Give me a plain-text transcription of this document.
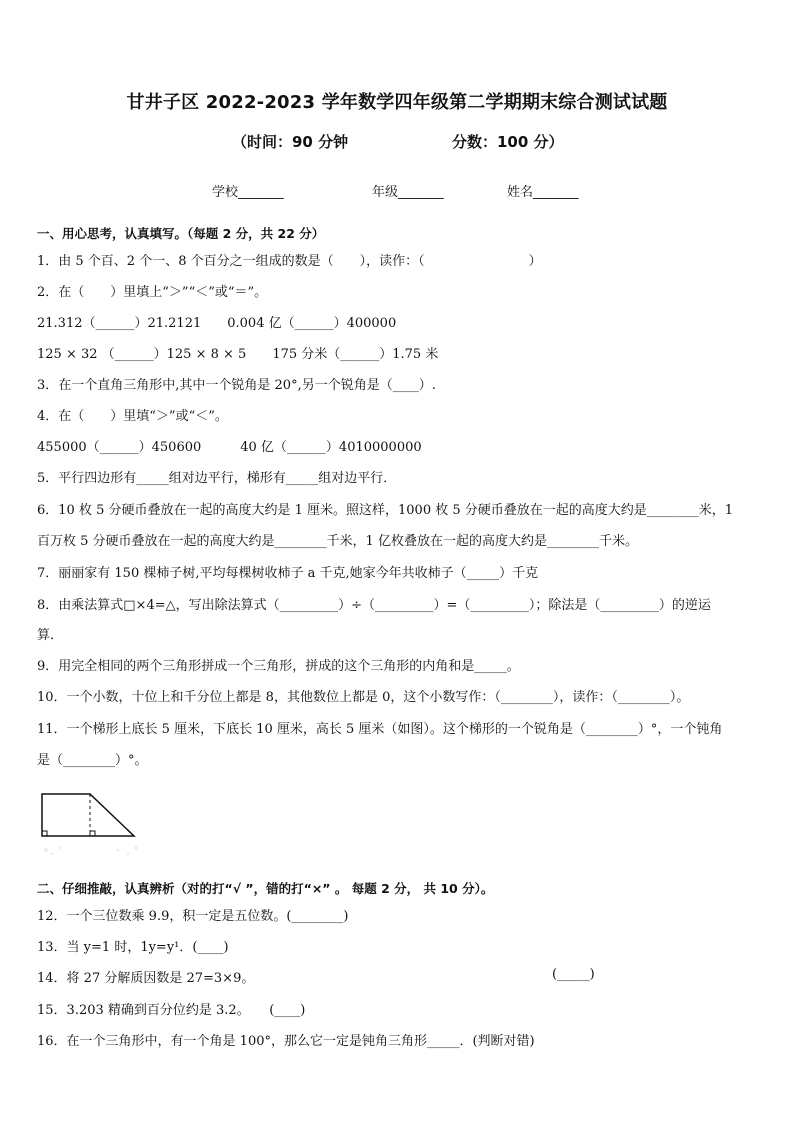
甘井子区 2022-2023 学年数学四年级第二学期期末综合测试试题
（时间：90 分钟	分数：100 分）
学校_______	年级_______	姓名_______
一、用心思考，认真填写。（每题 2 分，共 22 分）
1．由 5 个百、2 个一、8 个百分之一组成的数是（　　），读作：（　　　　　　　　）
2．在（　　）里填上“＞”“＜”或“＝”。
21.312（______）21.2121　　0.004 亿（______）400000
125 × 32 （______）125 × 8 × 5　　175 分米（______）1.75 米
3．在一个直角三角形中,其中一个锐角是 20°,另一个锐角是（____）.
4．在（　　）里填“＞”或“＜”。
455000（______）450600　　　40 亿（______）4010000000
5．平行四边形有_____组对边平行，梯形有_____组对边平行．
6．10 枚 5 分硬币叠放在一起的高度大约是 1 厘米。照这样，1000 枚 5 分硬币叠放在一起的高度大约是________米，1
百万枚 5 分硬币叠放在一起的高度大约是________千米，1 亿枚叠放在一起的高度大约是________千米。
7．丽丽家有 150 棵柿子树,平均每棵树收柿子 a 千克,她家今年共收柿子（_____）千克
8．由乘法算式□×4=△，写出除法算式（_________）÷（_________）=（_________）；除法是（_________）的逆运
算．
9．用完全相同的两个三角形拼成一个三角形，拼成的这个三角形的内角和是_____。
10．一个小数，十位上和千分位上都是 8，其他数位上都是 0，这个小数写作：（________），读作：（________）。
11．一个梯形上底长 5 厘米，下底长 10 厘米，高长 5 厘米（如图）。这个梯形的一个锐角是（________）°，一个钝角
是（________）°。
二、仔细推敲，认真辨析（对的打“√ ”，错的打“×” 。 每题 2 分， 共 10 分）。
12．一个三位数乘 9.9，积一定是五位数。(________)
13．当 y=1 时，1y=y¹．(____)
14．将 27 分解质因数是 27=3×9。	(_____)
15．3.203 精确到百分位约是 3.2。　　(____)
16．在一个三角形中，有一个角是 100°，那么它一定是钝角三角形_____．(判断对错)
